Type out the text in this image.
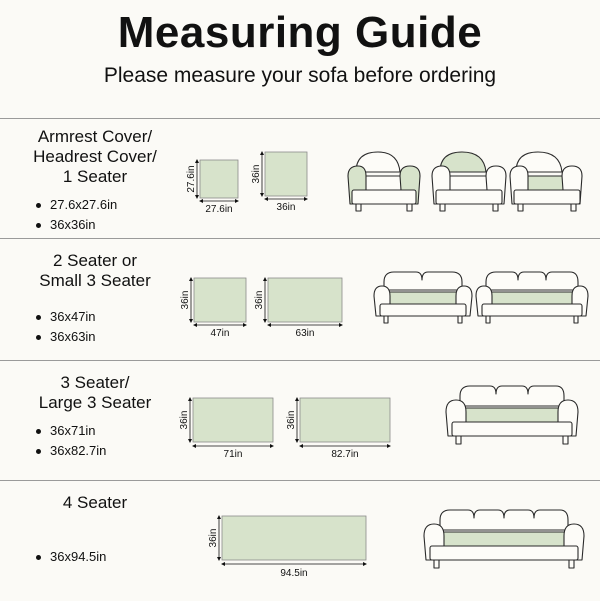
Measuring Guide
Please measure your sofa before ordering
Armrest Cover/
Headrest Cover/
1 Seater
27.6x27.6in
36x36in
2 Seater or
Small 3 Seater
36x47in
36x63in
3 Seater/
Large 3 Seater
36x71in
36x82.7in
4 Seater
36x94.5in
27.6in
27.6in
36in
36in
36in
47in
36in
63in
36in
71in
36in
82.7in
36in
94.5in
